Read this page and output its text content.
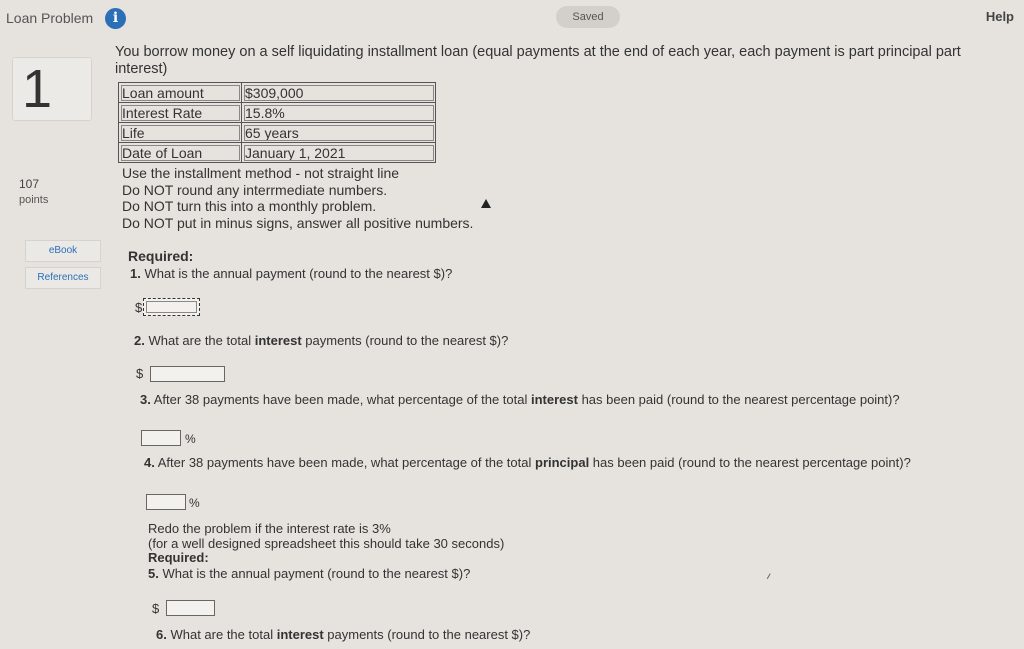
Loan Problem	i	Saved	Help
1
107
points
eBook
References
You borrow money on a self liquidating installment loan (equal payments at the end of each year, each payment is part principal part interest)
Loan amount	$309,000
Interest Rate	15.8%
Life	65 years
Date of Loan	January 1, 2021
Use the installment method - not straight line
Do NOT round any interrmediate numbers.
Do NOT turn this into a monthly problem.
Do NOT put in minus signs, answer all positive numbers.
Required:
1. What is the annual payment (round to the nearest $)?
$
2. What are the total interest payments (round to the nearest $)?
$
3. After 38 payments have been made, what percentage of the total interest has been paid (round to the nearest percentage point)?
%
4. After 38 payments have been made, what percentage of the total principal has been paid (round to the nearest percentage point)?
%
Redo the problem if the interest rate is 3%
(for a well designed spreadsheet this should take 30 seconds)
Required:
5. What is the annual payment (round to the nearest $)?
$
6. What are the total interest payments (round to the nearest $)?
